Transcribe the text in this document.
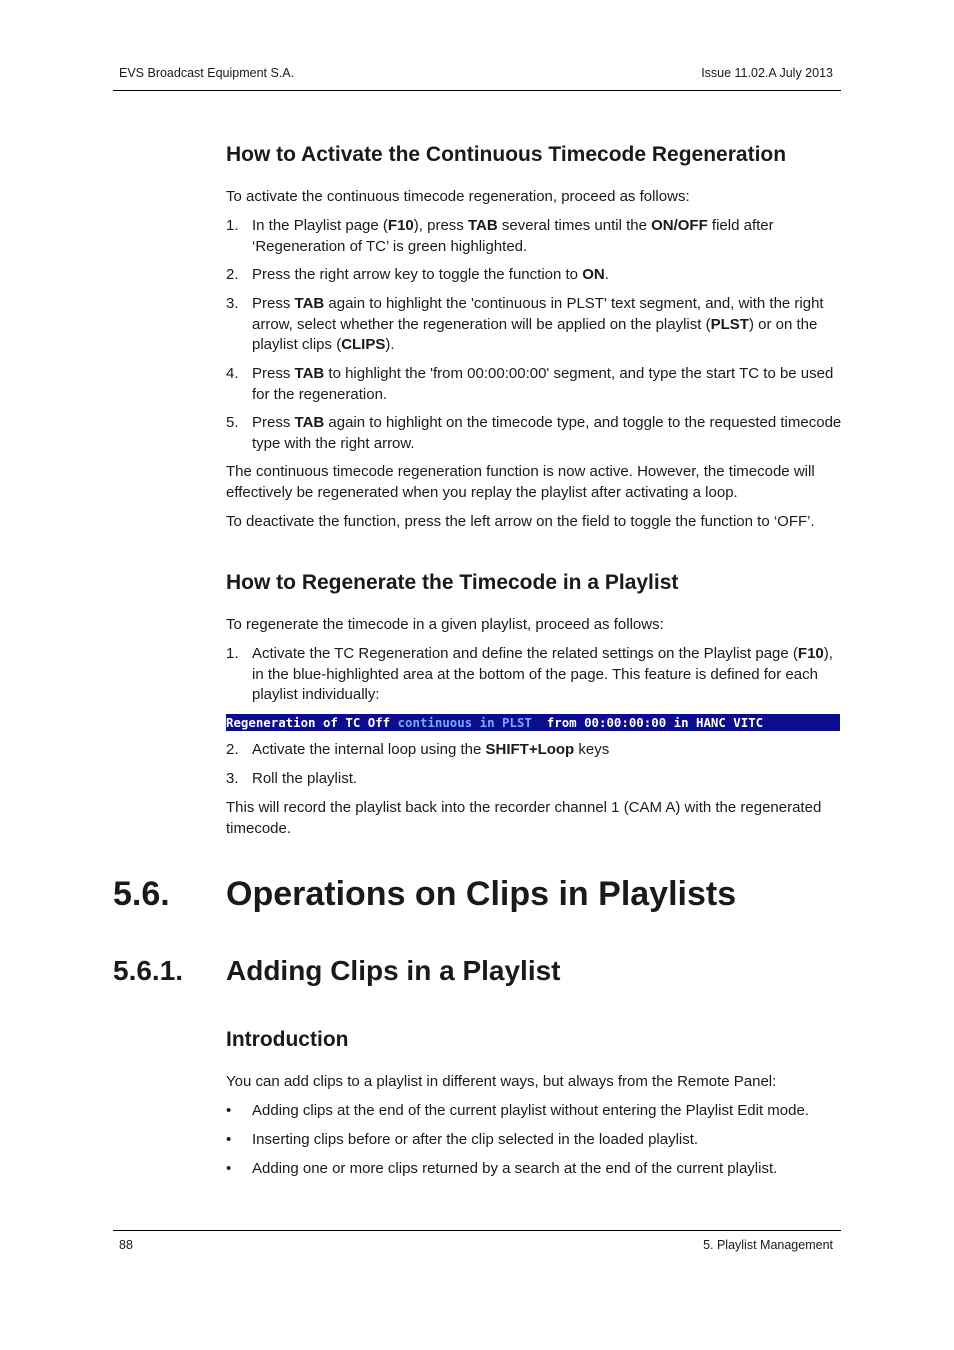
EVS Broadcast Equipment S.A.	Issue 11.02.A July 2013
How to Activate the Continuous Timecode Regeneration

To activate the continuous timecode regeneration, proceed as follows:

1. In the Playlist page (F10), press TAB several times until the ON/OFF field after ‘Regeneration of TC’ is green highlighted.
2. Press the right arrow key to toggle the function to ON.
3. Press TAB again to highlight the 'continuous in PLST' text segment, and, with the right arrow, select whether the regeneration will be applied on the playlist (PLST) or on the playlist clips (CLIPS).
4. Press TAB to highlight the 'from 00:00:00:00' segment, and type the start TC to be used for the regeneration.
5. Press TAB again to highlight on the timecode type, and toggle to the requested timecode type with the right arrow.

The continuous timecode regeneration function is now active. However, the timecode will effectively be regenerated when you replay the playlist after activating a loop.

To deactivate the function, press the left arrow on the field to toggle the function to ‘OFF’.

How to Regenerate the Timecode in a Playlist

To regenerate the timecode in a given playlist, proceed as follows:

1. Activate the TC Regeneration and define the related settings on the Playlist page (F10), in the blue-highlighted area at the bottom of the page. This feature is defined for each playlist individually:
Regeneration of TC Off continuous in PLST  from 00:00:00:00 in HANC VITC
2. Activate the internal loop using the SHIFT+Loop keys
3. Roll the playlist.

This will record the playlist back into the recorder channel 1 (CAM A) with the regenerated timecode.

5.6. Operations on Clips in Playlists
5.6.1. Adding Clips in a Playlist
Introduction

You can add clips to a playlist in different ways, but always from the Remote Panel:

• Adding clips at the end of the current playlist without entering the Playlist Edit mode.
• Inserting clips before or after the clip selected in the loaded playlist.
• Adding one or more clips returned by a search at the end of the current playlist.
88	5. Playlist Management
